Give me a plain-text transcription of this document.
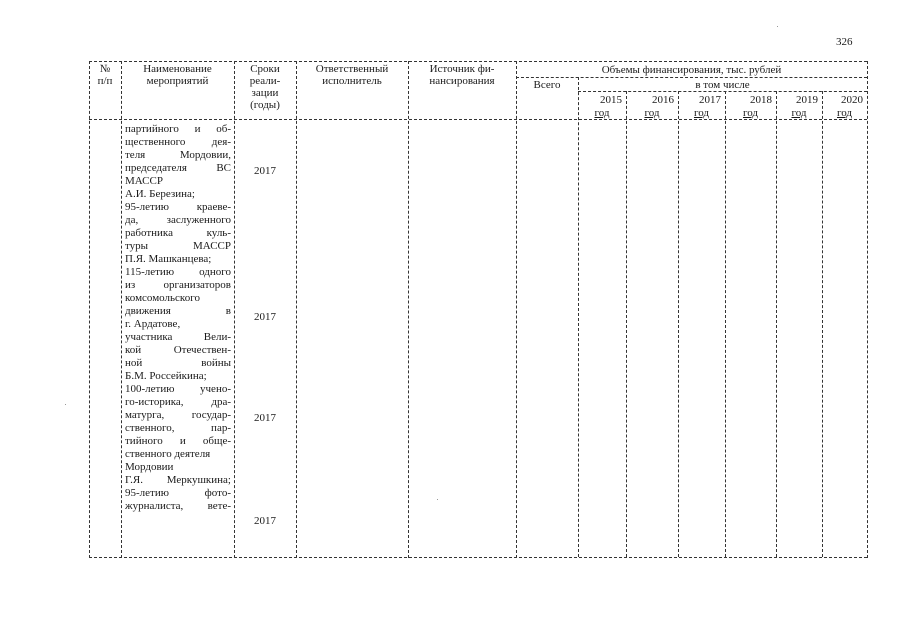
326
№
п/п
Наименование
мероприятий
Сроки
реали-
зации
(годы)
Ответственный
исполнитель
Источник фи-
нансирования
Объемы финансирования, тыс. рублей
Всего	в том числе
2015
год
2016
год
2017
год
2018
год
2019
год
2020
год
партийного и об-
щественного дея-
теля Мордовии,
председателя ВС
МАССР
А.И. Березина;
95-летию краеве-
да, заслуженного
работника куль-
туры МАССР
П.Я. Машканцева;
115-летию одного
из организаторов
комсомольского
движения в
г. Ардатове,
участника Вели-
кой Отечествен-
ной войны
Б.М. Россейкина;
100-летию учено-
го-историка, дра-
матурга, государ-
ственного, пар-
тийного и обще-
ственного деятеля
Мордовии
Г.Я. Меркушкина;
95-летию фото-
журналиста, вете-
2017
2017
2017
2017
